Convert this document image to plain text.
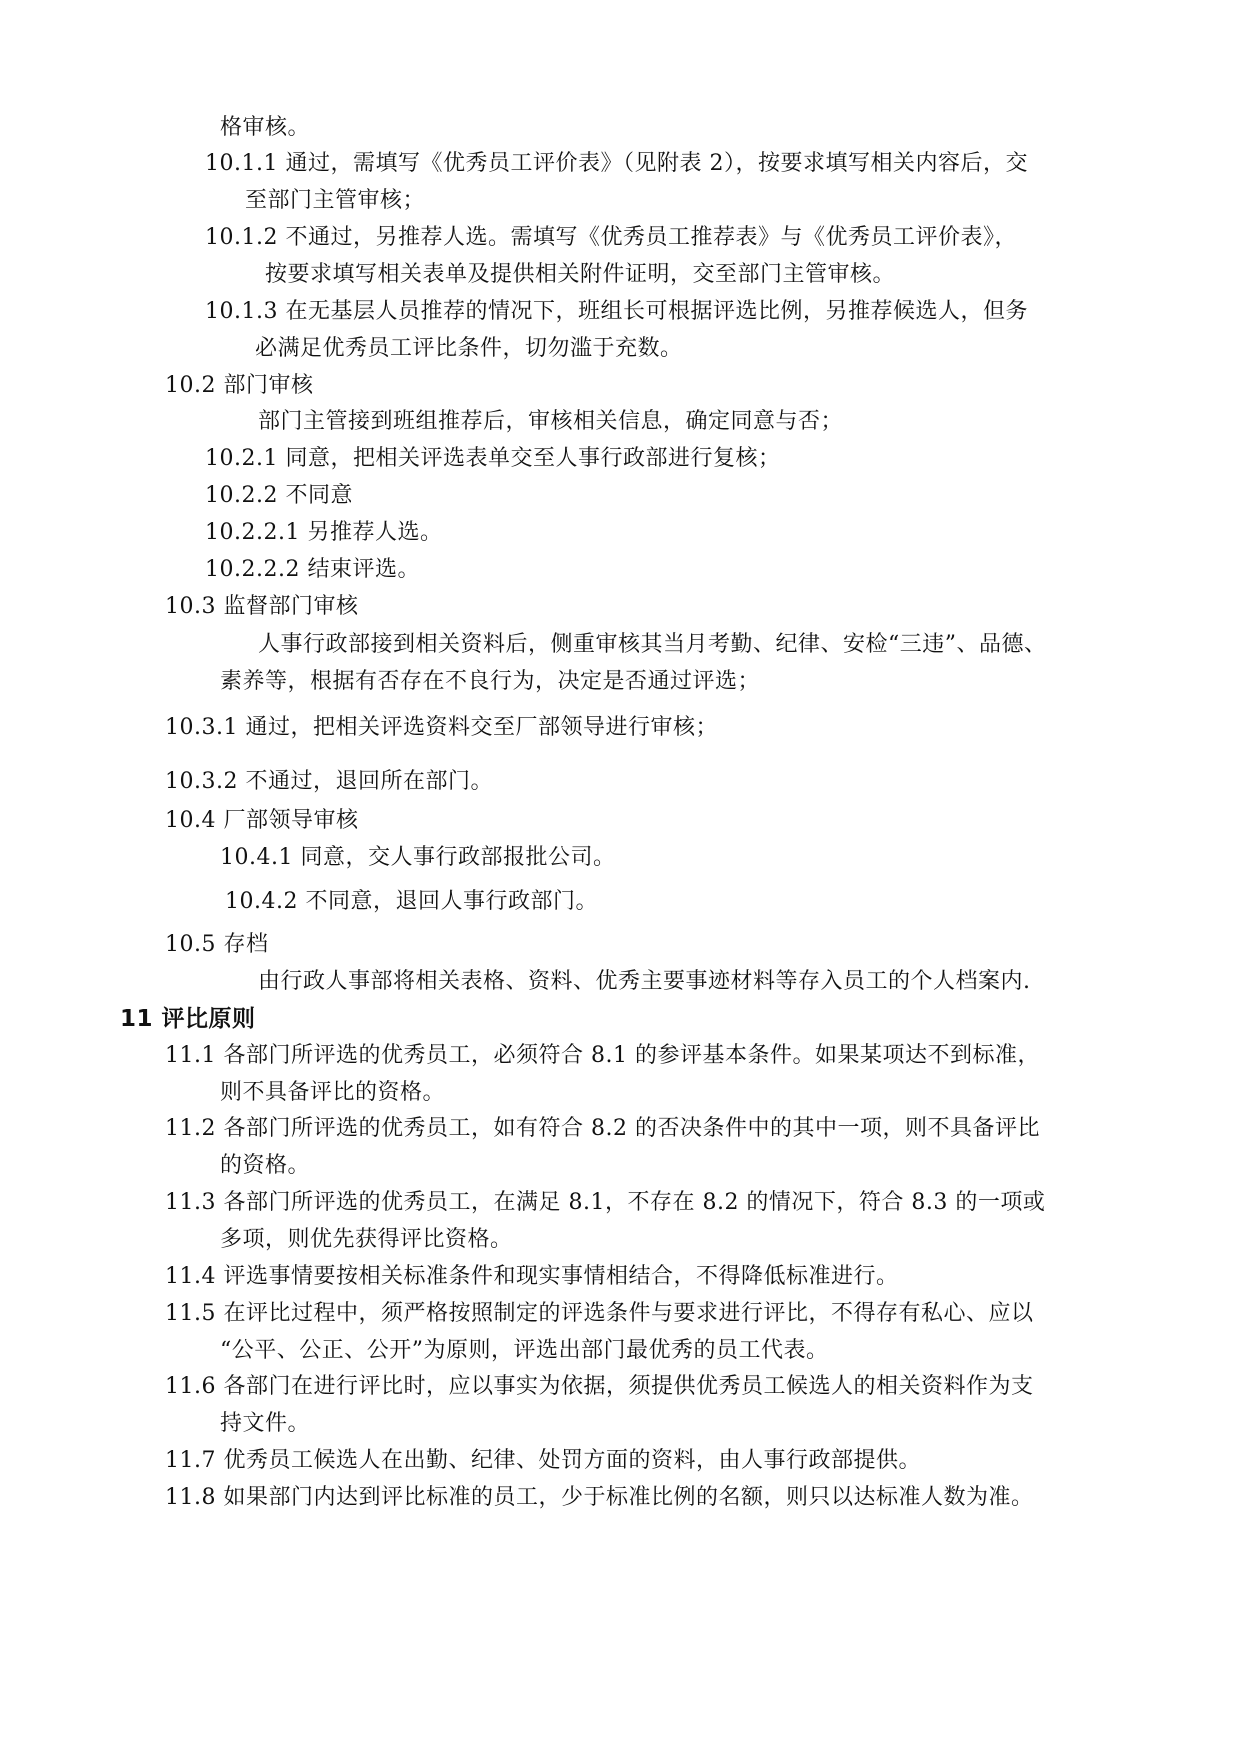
格审核。
10.1.1 通过，需填写《优秀员工评价表》（见附表 2），按要求填写相关内容后，交
至部门主管审核；
10.1.2 不通过，另推荐人选。需填写《优秀员工推荐表》与《优秀员工评价表》，
按要求填写相关表单及提供相关附件证明，交至部门主管审核。
10.1.3 在无基层人员推荐的情况下，班组长可根据评选比例，另推荐候选人，但务
必满足优秀员工评比条件，切勿滥于充数。
10.2 部门审核
部门主管接到班组推荐后，审核相关信息，确定同意与否；
10.2.1 同意，把相关评选表单交至人事行政部进行复核；
10.2.2 不同意
10.2.2.1 另推荐人选。
10.2.2.2 结束评选。
10.3 监督部门审核
人事行政部接到相关资料后，侧重审核其当月考勤、纪律、安检“三违”、品德、
素养等，根据有否存在不良行为，决定是否通过评选；
10.3.1 通过，把相关评选资料交至厂部领导进行审核；
10.3.2 不通过，退回所在部门。
10.4 厂部领导审核
10.4.1 同意，交人事行政部报批公司。
10.4.2 不同意，退回人事行政部门。
10.5 存档
由行政人事部将相关表格、资料、优秀主要事迹材料等存入员工的个人档案内.
11 评比原则
11.1 各部门所评选的优秀员工，必须符合 8.1 的参评基本条件。如果某项达不到标准，
则不具备评比的资格。
11.2 各部门所评选的优秀员工，如有符合 8.2 的否决条件中的其中一项，则不具备评比
的资格。
11.3 各部门所评选的优秀员工，在满足 8.1，不存在 8.2 的情况下，符合 8.3 的一项或
多项，则优先获得评比资格。
11.4 评选事情要按相关标准条件和现实事情相结合，不得降低标准进行。
11.5 在评比过程中，须严格按照制定的评选条件与要求进行评比，不得存有私心、应以
“公平、公正、公开”为原则，评选出部门最优秀的员工代表。
11.6 各部门在进行评比时，应以事实为依据，须提供优秀员工候选人的相关资料作为支
持文件。
11.7 优秀员工候选人在出勤、纪律、处罚方面的资料，由人事行政部提供。
11.8 如果部门内达到评比标准的员工，少于标准比例的名额，则只以达标准人数为准。
